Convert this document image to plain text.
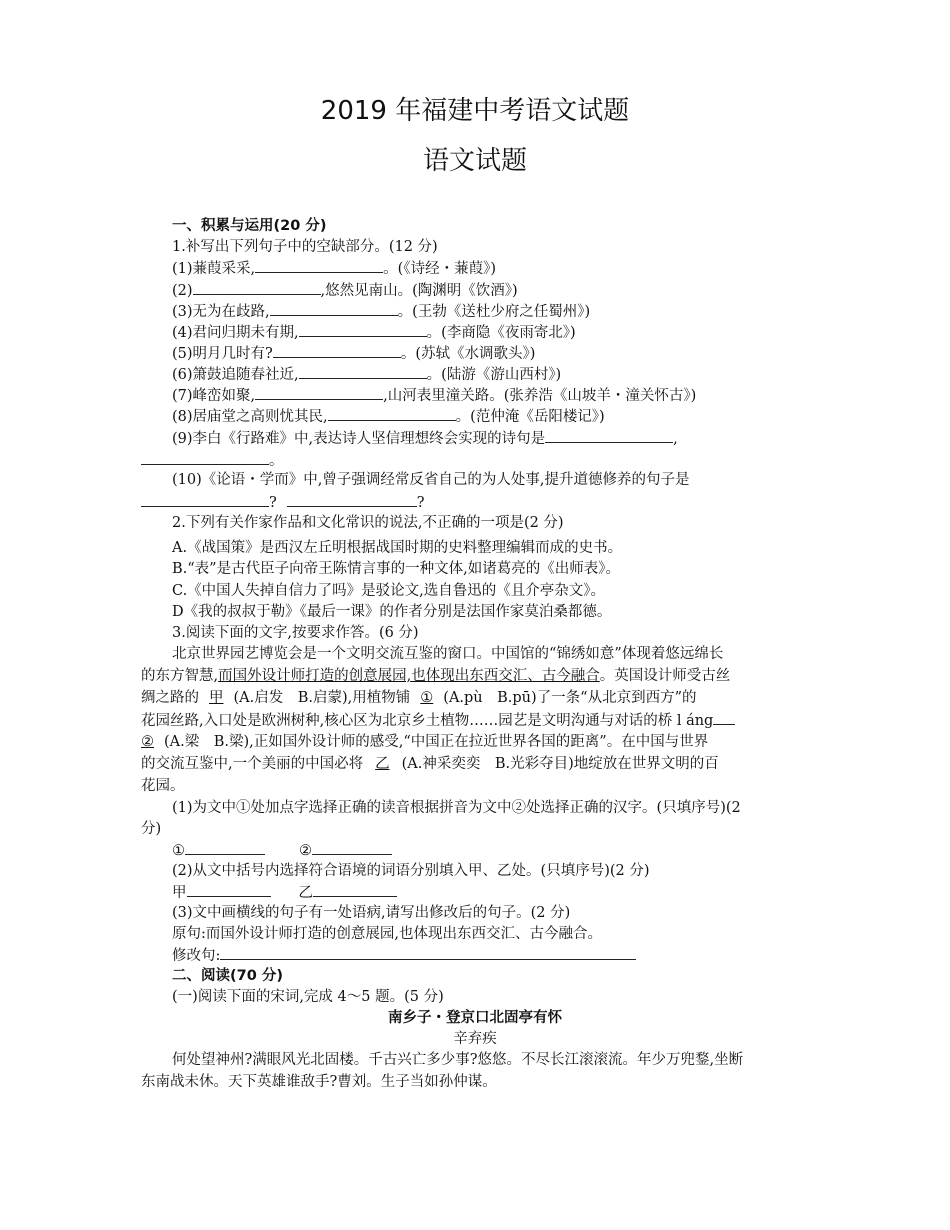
2019 年福建中考语文试题
语文试题
一、积累与运用(20 分)
1.补写出下列句子中的空缺部分。(12 分)
(1)蒹葭采采,	。(《诗经・蒹葭》)
(2)	,悠然见南山。(陶渊明《饮酒》)
(3)无为在歧路,	。(王勃《送杜少府之任蜀州》)
(4)君问归期未有期,	。(李商隐《夜雨寄北》)
(5)明月几时有?	。(苏轼《水调歌头》)
(6)箫鼓追随春社近,	。(陆游《游山西村》)
(7)峰峦如聚,	,山河表里潼关路。(张养浩《山坡羊・潼关怀古》)
(8)居庙堂之高则忧其民,	。(范仲淹《岳阳楼记》)
(9)李白《行路难》中,表达诗人坚信理想终会实现的诗句是	,
。
(10)《论语・学而》中,曾子强调经常反省自己的为人处事,提升道德修养的句子是
?	?
2.下列有关作家作品和文化常识的说法,不正确的一项是(2 分)
A.《战国策》是西汉左丘明根据战国时期的史料整理编辑而成的史书。
B.“表”是古代臣子向帝王陈情言事的一种文体,如诸葛亮的《出师表》。
C.《中国人失掉自信力了吗》是驳论文,选自鲁迅的《且介亭杂文》。
D《我的叔叔于勒》《最后一课》的作者分别是法国作家莫泊桑都德。
3.阅读下面的文字,按要求作答。(6 分)
北京世界园艺博览会是一个文明交流互鉴的窗口。中国馆的“锦绣如意”体现着悠远绵长
的东方智慧,而国外设计师打造的创意展园,也体现出东西交汇、古今融合。英国设计师受古丝
绸之路的 甲 (A.启发　B.启蒙),用植物铺 ① (A.pù　B.pū)了一条“从北京到西方”的
花园丝路,入口处是欧洲树种,核心区为北京乡土植物……园艺是文明沟通与对话的桥 l áng
② (A.梁　B.梁),正如国外设计师的感受,“中国正在拉近世界各国的距离”。在中国与世界
的交流互鉴中,一个美丽的中国必将 乙 (A.神采奕奕　B.光彩夺目)地绽放在世界文明的百
花园。
(1)为文中①处加点字选择正确的读音根据拼音为文中②处选择正确的汉字。(只填序号)(2
分)
①	②
(2)从文中括号内选择符合语境的词语分别填入甲、乙处。(只填序号)(2 分)
甲	乙
(3)文中画横线的句子有一处语病,请写出修改后的句子。(2 分)
原句:而国外设计师打造的创意展园,也体现出东西交汇、古今融合。
修改句:
二、阅读(70 分)
(一)阅读下面的宋词,完成 4～5 题。(5 分)
南乡子・登京口北固亭有怀
辛弃疾
何处望神州?满眼风光北固楼。千古兴亡多少事?悠悠。不尽长江滚滚流。年少万兜鍪,坐断
东南战未休。天下英雄谁敌手?曹刘。生子当如孙仲谋。
